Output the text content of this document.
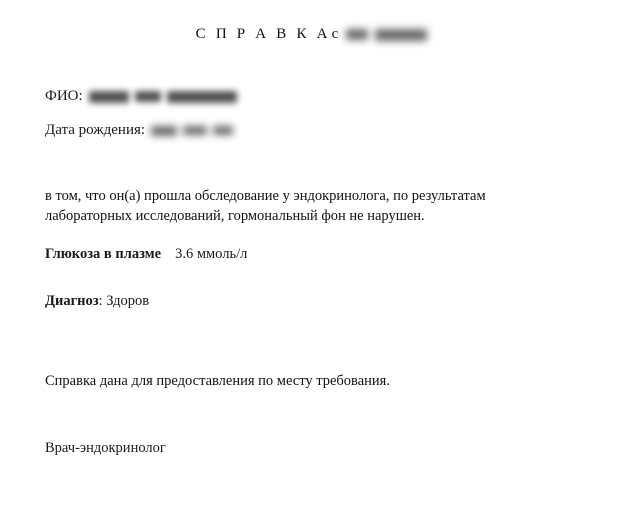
С П Р А В К Ас
ФИО:
Дата рождения:
в том, что он(а) прошла обследование у эндокринолога, по результатам лабораторных исследований, гормональный фон не нарушен.
Глюкоза в плазме 3.6 ммоль/л
Диагноз: Здоров
Справка дана для предоставления по месту требования.
Врач-эндокринолог
